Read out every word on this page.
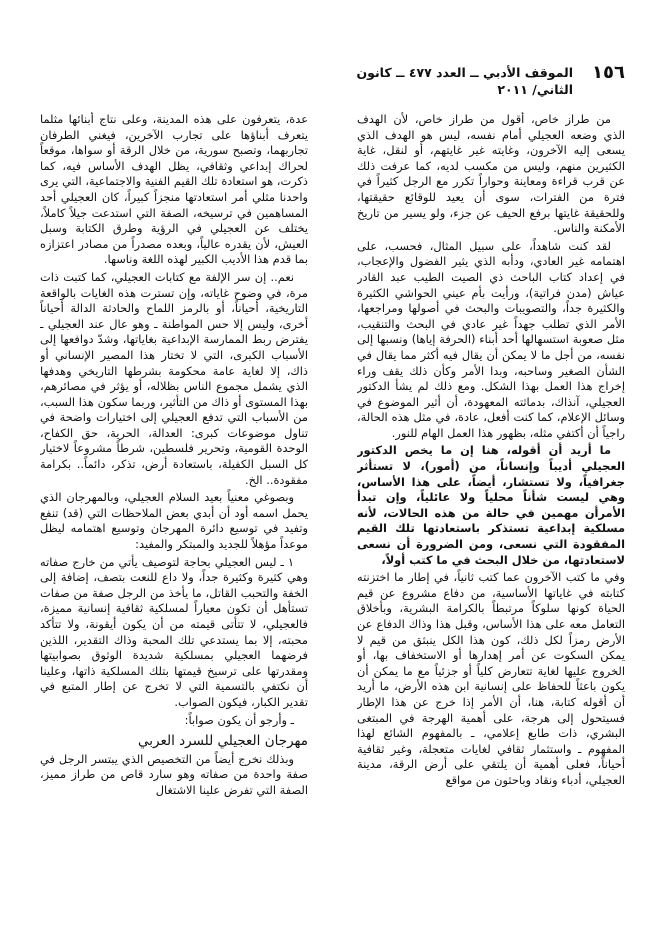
١٥٦
الموقف الأدبي ــ العدد ٤٧٧ ــ كانون الثاني/ ٢٠١١

من طراز خاص، أقول من طراز خاص، لأن الهدف الذي وضعه العجيلي أمام نفسه، ليس هو الهدف الذي يسعى إليه الآخرون، وغايته غير غايتهم، أو لنقل، غاية الكثيرين منهم، وليس من مكسب لديه، كما عرفت ذلك عن قرب قراءة ومعاينة وحواراً تكرر مع الرجل كثيراً في فترة من الفترات، سوى أن يعيد للوقائع حقيقتها، وللحقيقة غايتها برفع الحيف عن جزء، ولو يسير من تاريخ الأمكنة والناس.

لقد كنت شاهداً، على سبيل المثال، فحسب، على اهتمامه غير العادي، ودأبه الذي يثير الفضول والإعجاب، في إعداد كتاب الباحث ذي الصيت الطيب عبد القادر عياش (مدن فراتية)، ورأيت بأم عيني الحواشي الكثيرة والكثيرة جداً، والتصويبات والبحث في أصولها ومراجعها، الأمر الذي تطلب جهداً غير عادي في البحث والتنقيب، مثل صعوبة استسهالها أحد أبناء (الحرفة إياها) ونسبها إلى نفسه، من أجل ما لا يمكن أن يقال فيه أكثر مما يقال في الشأن الصغير وساحبه، وبدا الأمر وكأن ذلك يقف وراء إخراج هذا العمل بهذا الشكل. ومع ذلك لم يشأ الدكتور العجيلي، آنذاك، بدماثته المعهودة، أن أثير الموضوع في وسائل الإعلام، كما كنت أفعل، عادة، في مثل هذه الحالة، راجياً أن أكتفي مثله، بظهور هذا العمل الهام للنور.

ما أريد أن أقوله، هنا إن ما يخص الدكتور العجيلي أديباً وإنساناً، من (أمور)، لا تستأثر جغرافياً، ولا تستشار، أيضاً، على هذا الأساس، وهي ليست شأناً محلياً ولا عائلياً، وإن تبدأ الأمرأن مهمين في حالة من هذه الحالات، لأنه مسلكية إبداعية تستذكر باستعادتها تلك القيم المفقودة التي نسعى، ومن الضرورة أن نسعى لاستعادتها، من خلال البحث في ما كتب أولاً،

وفي ما كتب الآخرون عما كتب ثانياً، في إطار ما اختزنته كتابته في غاياتها الأساسية، من دفاع مشروع عن قيم الحياة كونها سلوكاً مرتبطاً بالكرامة البشرية، وبأخلاق التعامل معه على هذا الأساس، وقبل هذا وذاك الدفاع عن الأرض رمزاً لكل ذلك، كون هذا الكل ينبثق من قيم لا يمكن السكوت عن أمر إهدارها أو الاستخفاف بها، أو الخروج عليها لغاية تتعارض كلياً أو جزئياً مع ما يمكن أن يكون باعثاً للحفاظ على إنسانية ابن هذه الأرض، ما أريد أن أقوله كتابة، هنا، أن الأمر إذا خرج عن هذا الإطار فسيتحول إلى هرجة، على أهمية الهرجة في المبتغى البشري، ذات طابع إعلامي، ـ بالمفهوم الشائع لهذا المفهوم ـ واستثمار ثقافي لغايات متعجلة، وغير ثقافية أحياناً، فعلى أهمية أن يلتقي على أرض الرقة، مدينة العجيلي، أدباء ونقاد وباحثون من مواقع

عدة، يتعرفون على هذه المدينة، وعلى نتاج أبنائها مثلما يتعرف أبناؤها على تجارب الآخرين، فيغني الطرفان تجاربهما، وتصبح سورية، من خلال الرقة أو سواها، موقعاً لحراك إبداعي وثقافي، يظل الهدف الأساس فيه، كما ذكرت، هو استعادة تلك القيم الفنية والاجتماعية، التي يرى واحدنا مثلي أمر استعادتها منجزاً كبيراً، كان العجيلي أحد المساهمين في ترسيخه، الصفة التي استدعت جيلاً كاملاً، يختلف عن العجيلي في الرؤية وطرق الكتابة وسبل العيش، لأن يقدره عالياً، وبعده مصدراً من مصادر اعتزازه بما قدم هذا الأديب الكبير لهذه اللغة وناسها.

نعم.. إن سر الإلفة مع كتابات العجيلي، كما كتبت ذات مرة، في وضوح غاياته، وإن تسترت هذه الغايات بالواقعة التاريخية، أحياناً، أو بالرمز اللماح والحادثة الدالة أحياناً أخرى، وليس إلا حس المواطنة ـ وهو عال عند العجيلي ـ يفترض ربط الممارسة الإبداعية بغاياتها، وشدّ دوافعها إلى الأسباب الكبرى، التي لا تختار هذا المصير الإنساني أو ذاك، إلا لغاية عامة محكومة بشرطها التاريخي وهدفها الذي يشمل مجموع الناس بظلاله، أو يؤثر في مصائرهم، بهذا المستوى أو ذاك من التأثير، وربما سكون هذا السبب، من الأسباب التي تدفع العجيلي إلى اختيارات واضحة في تناول موضوعات كبرى: العدالة، الحرية، حق الكفاح، الوحدة القومية، وتحرير فلسطين، شرطاً مشروعاً لاختيار كل السبل الكفيلة، باستعادة أرض، تذكر، دائماً.. بكرامة مفقودة.. الخ.

وبصوغي معنياً بعيد السلام العجيلي، وبالمهرجان الذي يحمل اسمه أود أن أبدي بعض الملاحظات التي (قد) تنفع وتفيد في توسيع دائرة المهرجان وتوسيع اهتمامه ليظل موعداً مؤهلاً للجديد والمبتكر والمفيد:

١ ـ ليس العجيلي بحاجة لتوصيف يأتي من خارج صفاته وهي كثيرة وكثيرة جداً، ولا داع للنعت بتصف، إضافة إلى الخفة والتحبب القاتل، ما يأخذ من الرجل صفة من صفات تستأهل أن تكون معياراً لمسلكية ثقافية إنسانية مميزة، فالعجيلي، لا تتأتى قيمته من أن يكون أيقونة، ولا تتأكد محبته، إلا بما يستدعي تلك المحبة وذاك التقدير، اللذين فرضهما العجيلي بمسلكية شديدة الوثوق بصوابيتها ومقدرتها على ترسيخ قيمتها بتلك المسلكية ذاتها، وعلينا أن نكتفي بالتسمية التي لا تخرج عن إطار المتبع في تقدير الكبار، فيكون الصواب.

ـ وأرجو أن يكون صواباً:

مهرجان العجيلي للسرد العربي

وبذلك نخرج أيضاً من التخصيص الذي يبتسر الرجل في صفة واحدة من صفاته وهو سارد قاص من طراز مميز، الصفة التي تفرض علينا الاشتغال
